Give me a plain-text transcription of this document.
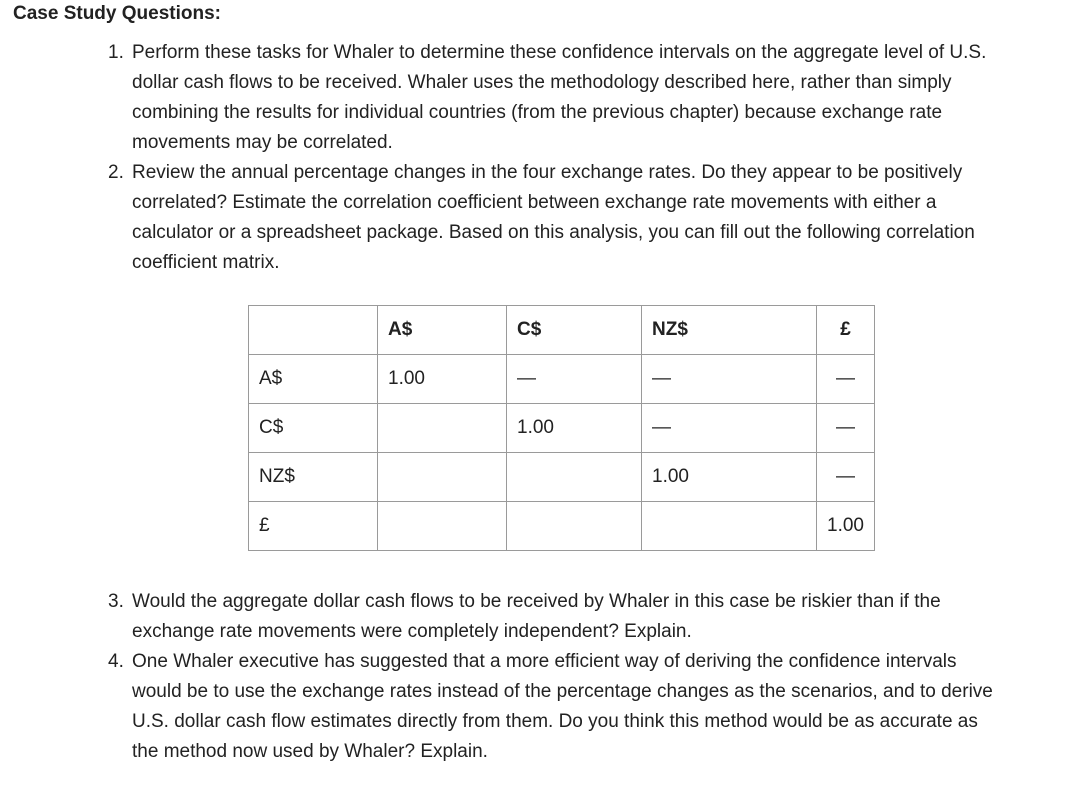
Case Study Questions:
1. Perform these tasks for Whaler to determine these confidence intervals on the aggregate level of U.S. dollar cash flows to be received. Whaler uses the methodology described here, rather than simply combining the results for individual countries (from the previous chapter) because exchange rate movements may be correlated.
2. Review the annual percentage changes in the four exchange rates. Do they appear to be positively correlated? Estimate the correlation coefficient between exchange rate movements with either a calculator or a spreadsheet package. Based on this analysis, you can fill out the following correlation coefficient matrix.
	A$	C$	NZ$	£
A$	1.00	—	—	—
C$		1.00	—	—
NZ$			1.00	—
£				1.00
3. Would the aggregate dollar cash flows to be received by Whaler in this case be riskier than if the exchange rate movements were completely independent? Explain.
4. One Whaler executive has suggested that a more efficient way of deriving the confidence intervals would be to use the exchange rates instead of the percentage changes as the scenarios, and to derive U.S. dollar cash flow estimates directly from them. Do you think this method would be as accurate as the method now used by Whaler? Explain.
